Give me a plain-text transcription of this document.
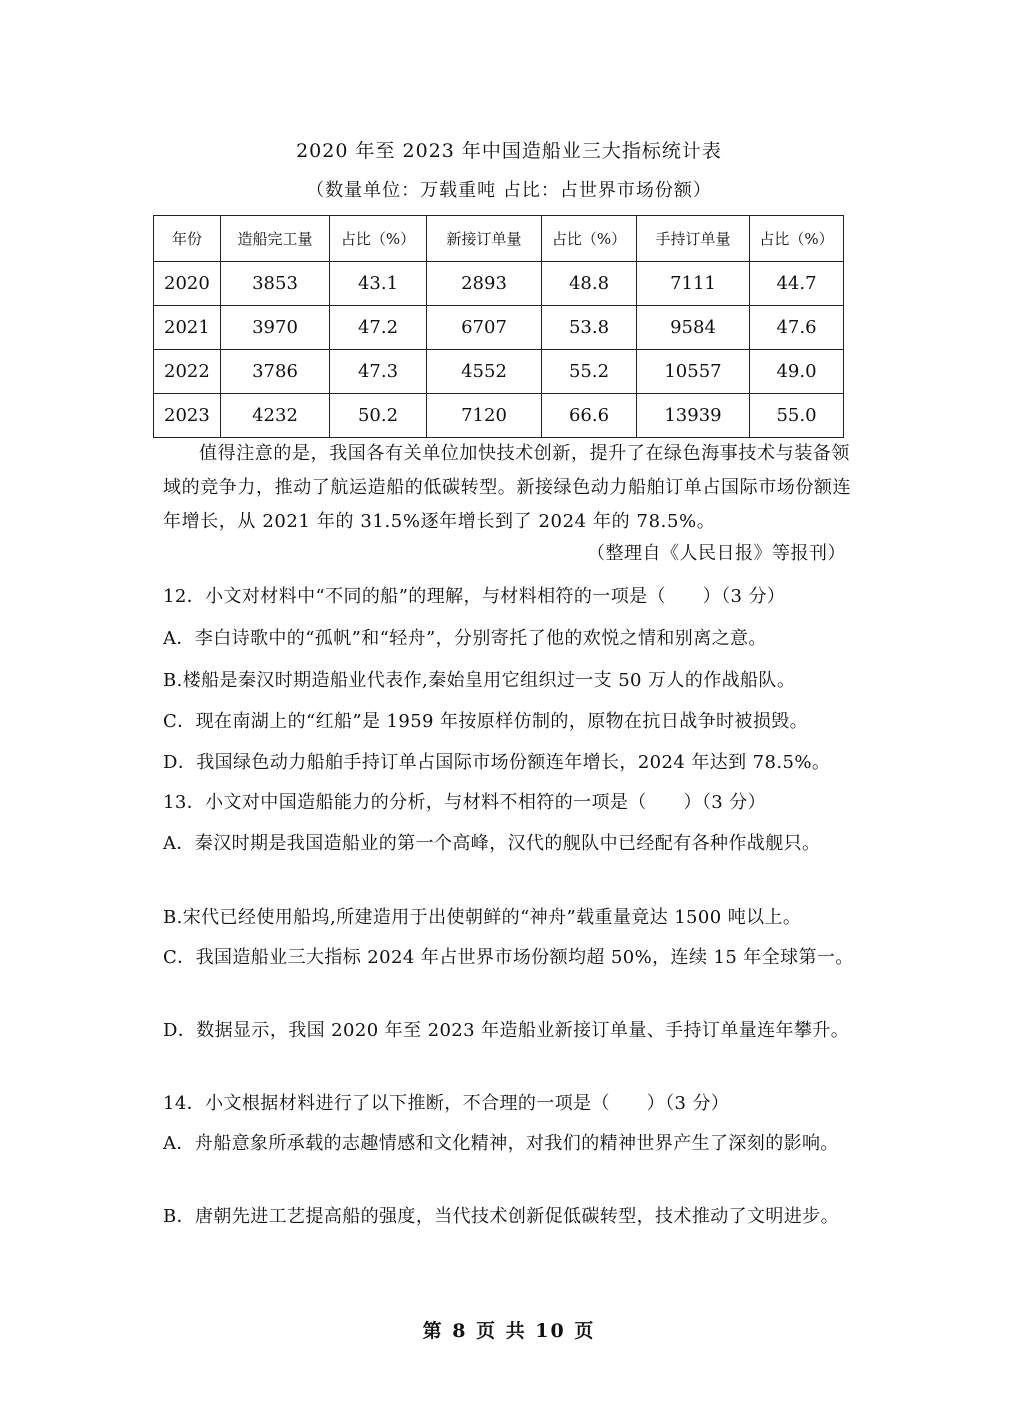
2020 年至 2023 年中国造船业三大指标统计表
（数量单位：万载重吨 占比：占世界市场份额）
年份	造船完工量	占比（%）	新接订单量	占比（%）	手持订单量	占比（%）
2020	3853	43.1	2893	48.8	7111	44.7
2021	3970	47.2	6707	53.8	9584	47.6
2022	3786	47.3	4552	55.2	10557	49.0
2023	4232	50.2	7120	66.6	13939	55.0
值得注意的是，我国各有关单位加快技术创新，提升了在绿色海事技术与装备领域的竞争力，推动了航运造船的低碳转型。新接绿色动力船舶订单占国际市场份额连年增长，从 2021 年的 31.5%逐年增长到了 2024 年的 78.5%。
（整理自《人民日报》等报刊）
12．小文对材料中“不同的船”的理解，与材料相符的一项是（　　）（3 分）
A．李白诗歌中的“孤帆”和“轻舟”，分别寄托了他的欢悦之情和别离之意。
B.楼船是秦汉时期造船业代表作,秦始皇用它组织过一支 50 万人的作战船队。
C．现在南湖上的“红船”是 1959 年按原样仿制的，原物在抗日战争时被损毁。
D．我国绿色动力船舶手持订单占国际市场份额连年增长，2024 年达到 78.5%。
13．小文对中国造船能力的分析，与材料不相符的一项是（　　）（3 分）
A．秦汉时期是我国造船业的第一个高峰，汉代的舰队中已经配有各种作战舰只。
B.宋代已经使用船坞,所建造用于出使朝鲜的“神舟”载重量竟达 1500 吨以上。
C．我国造船业三大指标 2024 年占世界市场份额均超 50%，连续 15 年全球第一。
D．数据显示，我国 2020 年至 2023 年造船业新接订单量、手持订单量连年攀升。
14．小文根据材料进行了以下推断，不合理的一项是（　　）（3 分）
A．舟船意象所承载的志趣情感和文化精神，对我们的精神世界产生了深刻的影响。
B．唐朝先进工艺提高船的强度，当代技术创新促低碳转型，技术推动了文明进步。
第 8 页 共 10 页
